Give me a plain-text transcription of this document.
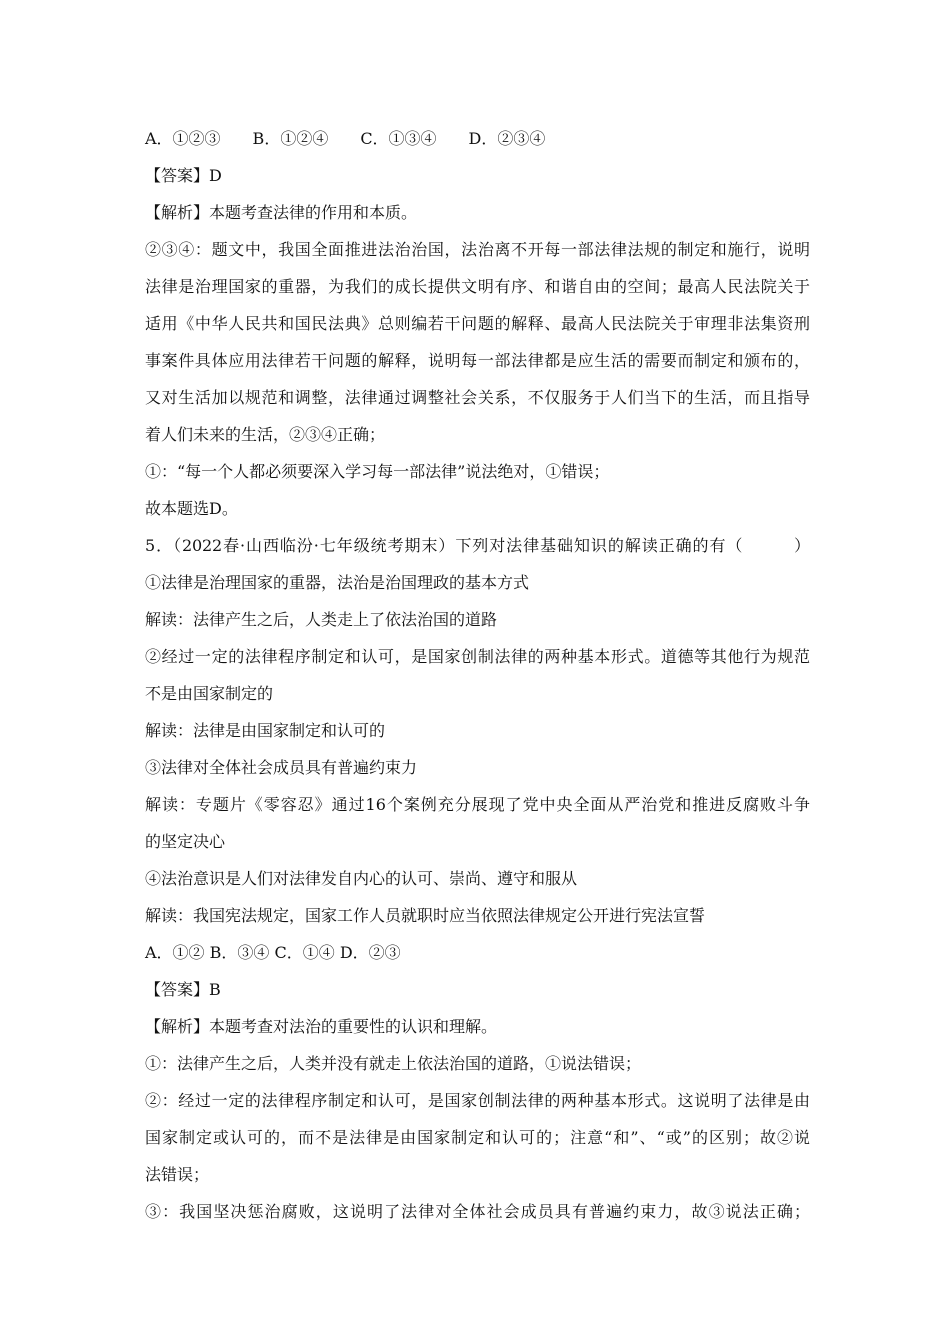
A．①②③　　B．①②④　　C．①③④　　D．②③④
【答案】D
【解析】本题考查法律的作用和本质。
②③④：题文中，我国全面推进法治治国，法治离不开每一部法律法规的制定和施行，说明
法律是治理国家的重器，为我们的成长提供文明有序、和谐自由的空间；最高人民法院关于
适用《中华人民共和国民法典》总则编若干问题的解释、最高人民法院关于审理非法集资刑
事案件具体应用法律若干问题的解释，说明每一部法律都是应生活的需要而制定和颁布的，
又对生活加以规范和调整，法律通过调整社会关系，不仅服务于人们当下的生活，而且指导
着人们未来的生活，②③④正确；
①：“每一个人都必须要深入学习每一部法律”说法绝对，①错误；
故本题选D。
5．（2022春·山西临汾·七年级统考期末）下列对法律基础知识的解读正确的有（　　　）
①法律是治理国家的重器，法治是治国理政的基本方式
解读：法律产生之后，人类走上了依法治国的道路
②经过一定的法律程序制定和认可，是国家创制法律的两种基本形式。道德等其他行为规范
不是由国家制定的
解读：法律是由国家制定和认可的
③法律对全体社会成员具有普遍约束力
解读：专题片《零容忍》通过16个案例充分展现了党中央全面从严治党和推进反腐败斗争
的坚定决心
④法治意识是人们对法律发自内心的认可、崇尚、遵守和服从
解读：我国宪法规定，国家工作人员就职时应当依照法律规定公开进行宪法宣誓
A．①② B．③④ C．①④ D．②③
【答案】B
【解析】本题考查对法治的重要性的认识和理解。
①：法律产生之后，人类并没有就走上依法治国的道路，①说法错误；
②：经过一定的法律程序制定和认可，是国家创制法律的两种基本形式。这说明了法律是由
国家制定或认可的，而不是法律是由国家制定和认可的；注意“和”、“或”的区别；故②说
法错误；
③：我国坚决惩治腐败，这说明了法律对全体社会成员具有普遍约束力，故③说法正确；
